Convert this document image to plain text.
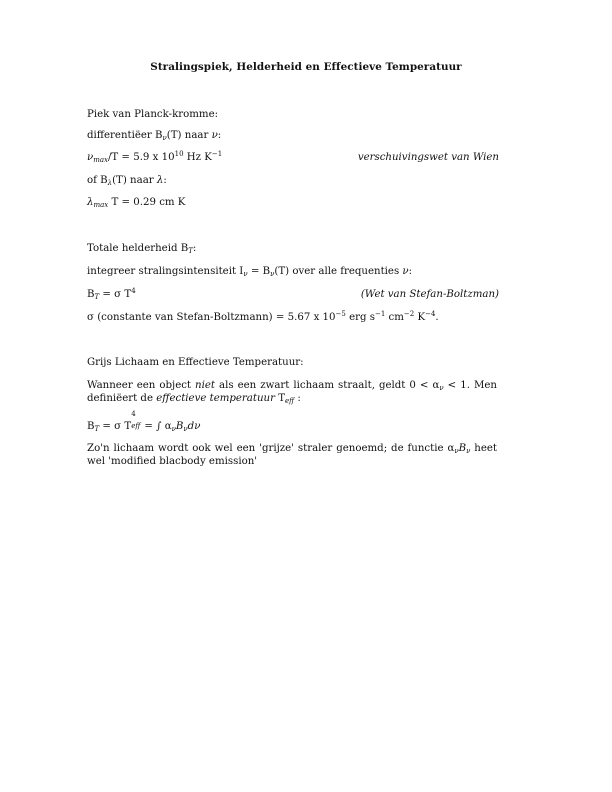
Stralingspiek, Helderheid en Effectieve Temperatuur
Piek van Planck-kromme:
differentiëer $B_\nu(T)$ naar ν:
$\nu_{max}/T = 5.9$ x $10^{10}$ Hz $K^{-1}$	verschuivingswet van Wien
of $B_\lambda(T)$ naar λ:
$\lambda_{max}$ T = 0.29 cm K
Totale helderheid $B_T$:
integreer stralingsintensiteit $I_\nu = B_\nu(T)$ over alle frequenties ν:
$B_T = \sigma$ $T^4$	(Wet van Stefan-Boltzman)
σ (constante van Stefan-Boltzmann) = 5.67 x $10^{-5}$ erg $s^{-1}$ $cm^{-2}$ $K^{-4}$.
Grijs Lichaam en Effectieve Temperatuur:
Wanneer een object niet als een zwart lichaam straalt, geldt $0 < \alpha_\nu < 1$. Men definiëert de effectieve temperatuur $T_{eff}$ :
$B_T = \sigma$ T
4
eff = ∫ $\alpha_\nu B_\nu d\nu$
Zo'n lichaam wordt ook wel een 'grijze' straler genoemd; de functie $\alpha_\nu B_\nu$ heet wel 'modified blacbody emission'
